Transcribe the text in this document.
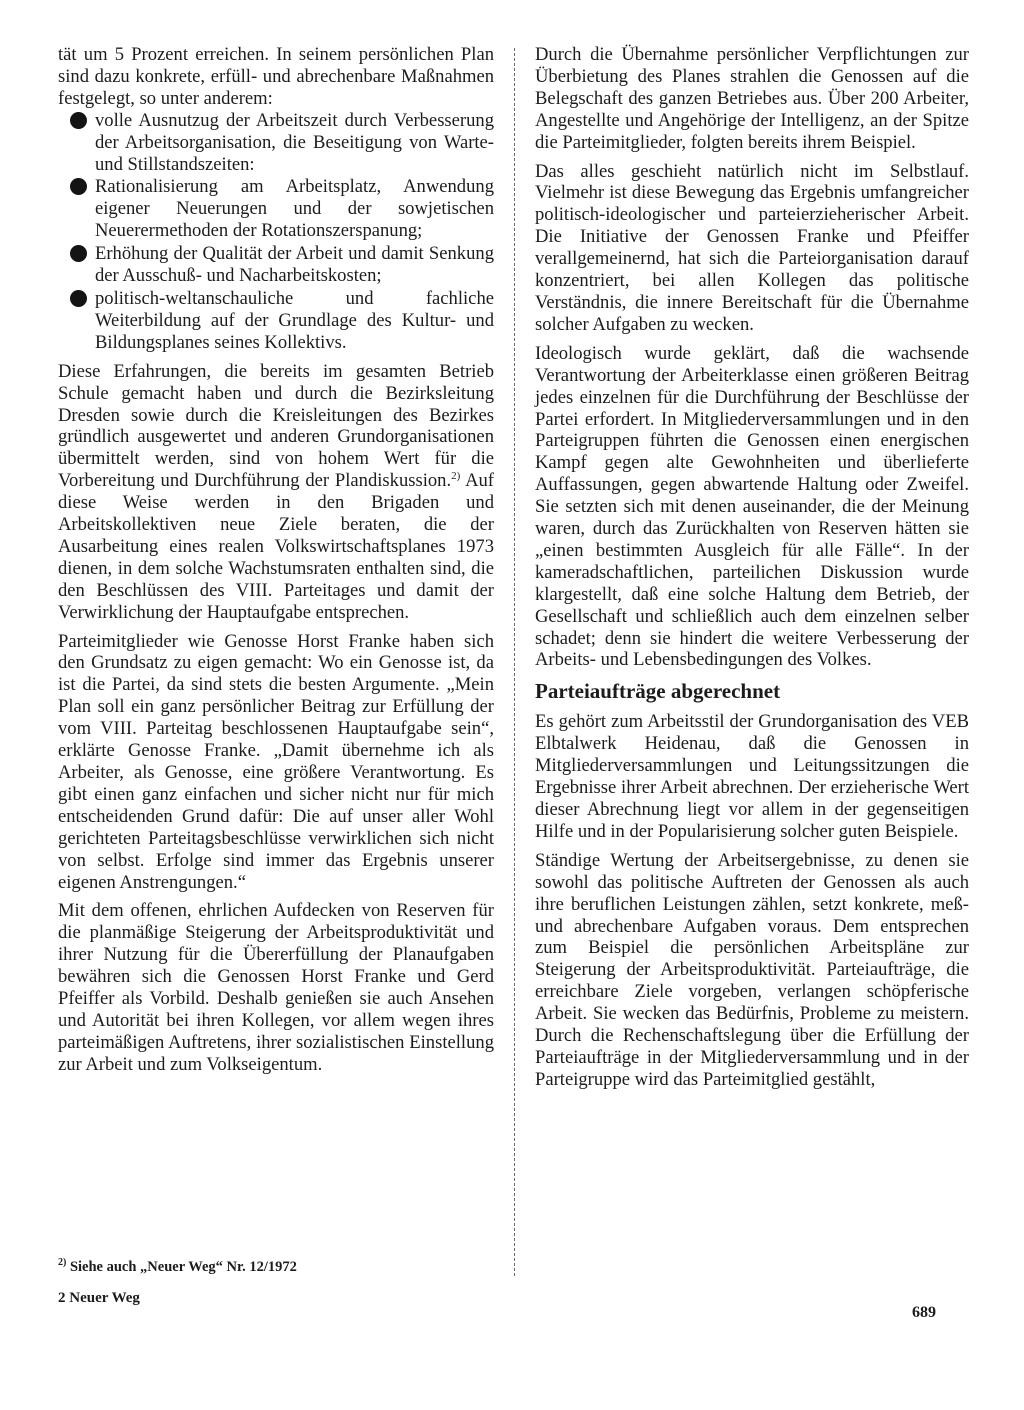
tät um 5 Prozent erreichen. In seinem persönlichen Plan sind dazu konkrete, erfüll- und abrechenbare Maßnahmen festgelegt, so unter anderem:

volle Ausnutzug der Arbeitszeit durch Verbesserung der Arbeitsorganisation, die Beseitigung von Warte- und Stillstandszeiten:
Rationalisierung am Arbeitsplatz, Anwendung eigener Neuerungen und der sowjetischen Neuerermethoden der Rotationszerspanung;
Erhöhung der Qualität der Arbeit und damit Senkung der Ausschuß- und Nacharbeitskosten;
politisch-weltanschauliche und fachliche Weiterbildung auf der Grundlage des Kultur- und Bildungsplanes seines Kollektivs.

Diese Erfahrungen, die bereits im gesamten Betrieb Schule gemacht haben und durch die Bezirksleitung Dresden sowie durch die Kreisleitungen des Bezirkes gründlich ausgewertet und anderen Grundorganisationen übermittelt werden, sind von hohem Wert für die Vorbereitung und Durchführung der Plandiskussion.$^{2)}$ Auf diese Weise werden in den Brigaden und Arbeitskollektiven neue Ziele beraten, die der Ausarbeitung eines realen Volkswirtschaftsplanes 1973 dienen, in dem solche Wachstumsraten enthalten sind, die den Beschlüssen des VIII. Parteitages und damit der Verwirklichung der Hauptaufgabe entsprechen.

Parteimitglieder wie Genosse Horst Franke haben sich den Grundsatz zu eigen gemacht: Wo ein Genosse ist, da ist die Partei, da sind stets die besten Argumente. „Mein Plan soll ein ganz persönlicher Beitrag zur Erfüllung der vom VIII. Parteitag beschlossenen Hauptaufgabe sein“, erklärte Genosse Franke. „Damit übernehme ich als Arbeiter, als Genosse, eine größere Verantwortung. Es gibt einen ganz einfachen und sicher nicht nur für mich entscheidenden Grund dafür: Die auf unser aller Wohl gerichteten Parteitagsbeschlüsse verwirklichen sich nicht von selbst. Erfolge sind immer das Ergebnis unserer eigenen Anstrengungen.“

Mit dem offenen, ehrlichen Aufdecken von Reserven für die planmäßige Steigerung der Arbeitsproduktivität und ihrer Nutzung für die Übererfüllung der Planaufgaben bewähren sich die Genossen Horst Franke und Gerd Pfeiffer als Vorbild. Deshalb genießen sie auch Ansehen und Autorität bei ihren Kollegen, vor allem wegen ihres parteimäßigen Auftretens, ihrer sozialistischen Einstellung zur Arbeit und zum Volkseigentum.

Durch die Übernahme persönlicher Verpflichtungen zur Überbietung des Planes strahlen die Genossen auf die Belegschaft des ganzen Betriebes aus. Über 200 Arbeiter, Angestellte und Angehörige der Intelligenz, an der Spitze die Parteimitglieder, folgten bereits ihrem Beispiel.

Das alles geschieht natürlich nicht im Selbstlauf. Vielmehr ist diese Bewegung das Ergebnis umfangreicher politisch-ideologischer und parteierzieherischer Arbeit. Die Initiative der Genossen Franke und Pfeiffer verallgemeinernd, hat sich die Parteiorganisation darauf konzentriert, bei allen Kollegen das politische Verständnis, die innere Bereitschaft für die Übernahme solcher Aufgaben zu wecken.

Ideologisch wurde geklärt, daß die wachsende Verantwortung der Arbeiterklasse einen größeren Beitrag jedes einzelnen für die Durchführung der Beschlüsse der Partei erfordert. In Mitgliederversammlungen und in den Parteigruppen führten die Genossen einen energischen Kampf gegen alte Gewohnheiten und überlieferte Auffassungen, gegen abwartende Haltung oder Zweifel. Sie setzten sich mit denen auseinander, die der Meinung waren, durch das Zurückhalten von Reserven hätten sie „einen bestimmten Ausgleich für alle Fälle“. In der kameradschaftlichen, parteilichen Diskussion wurde klargestellt, daß eine solche Haltung dem Betrieb, der Gesellschaft und schließlich auch dem einzelnen selber schadet; denn sie hindert die weitere Verbesserung der Arbeits- und Lebensbedingungen des Volkes.

Parteiaufträge abgerechnet

Es gehört zum Arbeitsstil der Grundorganisation des VEB Elbtalwerk Heidenau, daß die Genossen in Mitgliederversammlungen und Leitungssitzungen die Ergebnisse ihrer Arbeit abrechnen. Der erzieherische Wert dieser Abrechnung liegt vor allem in der gegenseitigen Hilfe und in der Popularisierung solcher guten Beispiele.

Ständige Wertung der Arbeitsergebnisse, zu denen sie sowohl das politische Auftreten der Genossen als auch ihre beruflichen Leistungen zählen, setzt konkrete, meß- und abrechenbare Aufgaben voraus. Dem entsprechen zum Beispiel die persönlichen Arbeitspläne zur Steigerung der Arbeitsproduktivität. Parteiaufträge, die erreichbare Ziele vorgeben, verlangen schöpferische Arbeit. Sie wecken das Bedürfnis, Probleme zu meistern. Durch die Rechenschaftslegung über die Erfüllung der Parteiaufträge in der Mitgliederversammlung und in der Parteigruppe wird das Parteimitglied gestählt,

$^{2)}$ Siehe auch „Neuer Weg“ Nr. 12/1972
2 Neuer Weg
689
